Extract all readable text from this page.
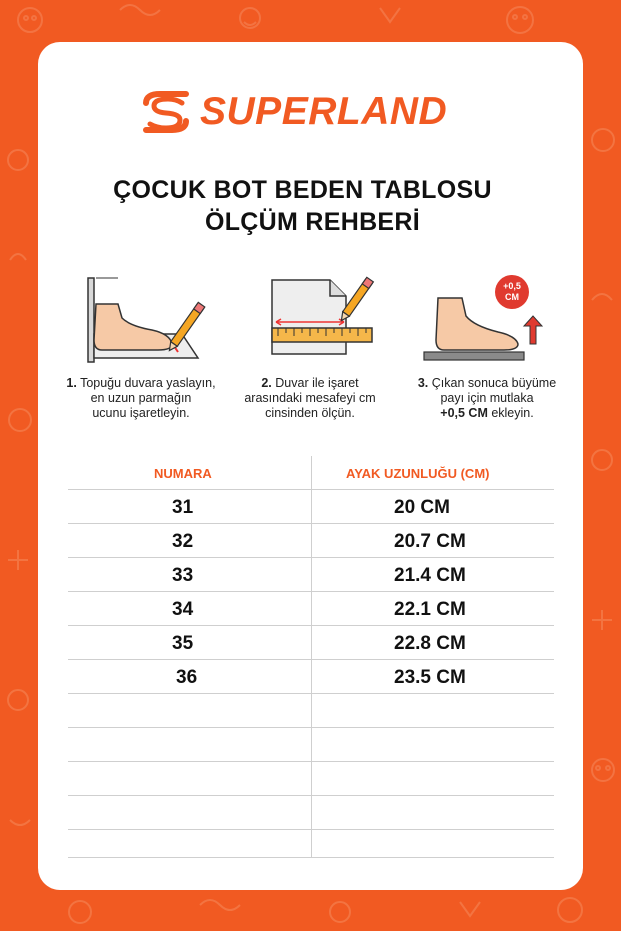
SUPERLAND
ÇOCUK BOT BEDEN TABLOSU
ÖLÇÜM REHBERİ
1. Topuğu duvara yaslayın,
en uzun parmağın
ucunu işaretleyin.
2. Duvar ile işaret
arasındaki mesafeyi cm
cinsinden ölçün.
+0,5
CM
3. Çıkan sonuca büyüme
payı için mutlaka
+0,5 CM ekleyin.
NUMARA	AYAK UZUNLUĞU (CM)
31	20 CM
32	20.7 CM
33	21.4 CM
34	22.1 CM
35	22.8 CM
36	23.5 CM
